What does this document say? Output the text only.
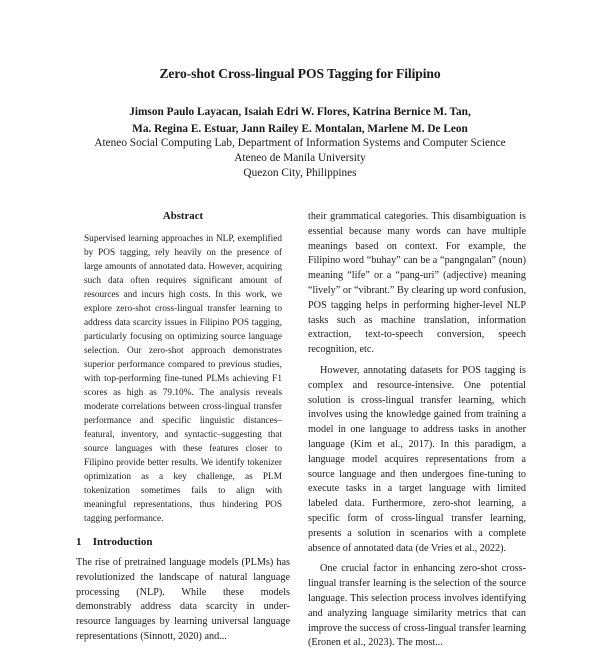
Zero-shot Cross-lingual POS Tagging for Filipino
Jimson Paulo Layacan, Isaiah Edri W. Flores, Katrina Bernice M. Tan,
Ma. Regina E. Estuar, Jann Railey E. Montalan, Marlene M. De Leon
Ateneo Social Computing Lab, Department of Information Systems and Computer Science
Ateneo de Manila University
Quezon City, Philippines
Abstract

Supervised learning approaches in NLP, exemplified by POS tagging, rely heavily on the presence of large amounts of annotated data. However, acquiring such data often requires significant amount of resources and incurs high costs. In this work, we explore zero-shot cross-lingual transfer learning to address data scarcity issues in Filipino POS tagging, particularly focusing on optimizing source language selection. Our zero-shot approach demonstrates superior performance compared to previous studies, with top-performing fine-tuned PLMs achieving F1 scores as high as 79.10%. The analysis reveals moderate correlations between cross-lingual transfer performance and specific linguistic distances–featural, inventory, and syntactic–suggesting that source languages with these features closer to Filipino provide better results. We identify tokenizer optimization as a key challenge, as PLM tokenization sometimes fails to align with meaningful representations, thus hindering POS tagging performance.

1 Introduction

The rise of pretrained language models (PLMs) has revolutionized the landscape of natural language processing (NLP). While these models demonstrably address data scarcity in under-resource languages by learning universal language representations (Sinnott, 2020) and...

their grammatical categories. This disambiguation is essential because many words can have multiple meanings based on context. For example, the Filipino word “buhay” can be a “pangngalan” (noun) meaning “life” or a “pang-uri” (adjective) meaning “lively” or “vibrant.” By clearing up word confusion, POS tagging helps in performing higher-level NLP tasks such as machine translation, information extraction, text-to-speech conversion, speech recognition, etc.

However, annotating datasets for POS tagging is complex and resource-intensive. One potential solution is cross-lingual transfer learning, which involves using the knowledge gained from training a model in one language to address tasks in another language (Kim et al., 2017). In this paradigm, a language model acquires representations from a source language and then undergoes fine-tuning to execute tasks in a target language with limited labeled data. Furthermore, zero-shot learning, a specific form of cross-lingual transfer learning, presents a solution in scenarios with a complete absence of annotated data (de Vries et al., 2022).

One crucial factor in enhancing zero-shot cross-lingual transfer learning is the selection of the source language. This selection process involves identifying and analyzing language similarity metrics that can improve the success of cross-lingual transfer learning (Eronen et al., 2023). The most...
